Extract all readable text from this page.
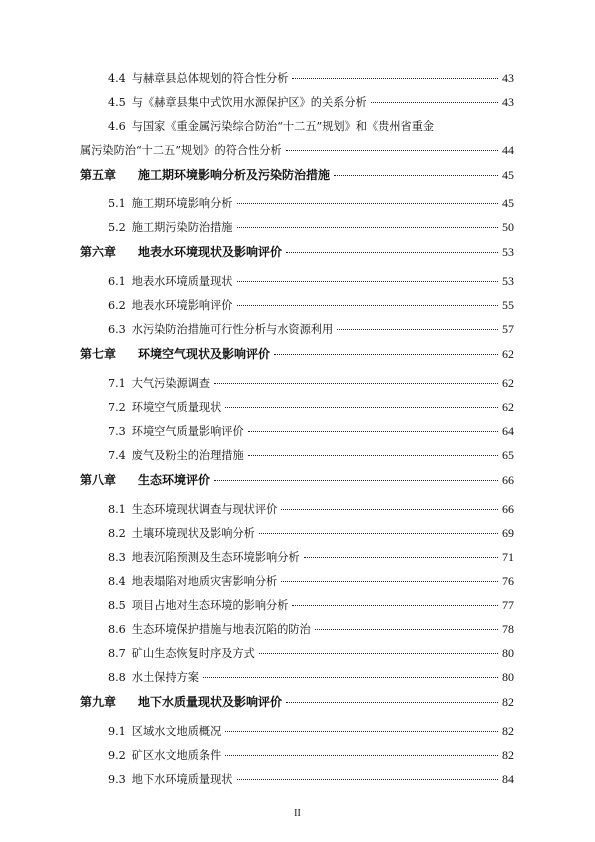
4.4 与赫章县总体规划的符合性分析	43
4.5 与《赫章县集中式饮用水源保护区》的关系分析	43
4.6 与国家《重金属污染综合防治“十二五”规划》和《贵州省重金
属污染防治“十二五”规划》的符合性分析	44
第五章 施工期环境影响分析及污染防治措施	45
5.1 施工期环境影响分析	45
5.2 施工期污染防治措施	50
第六章 地表水环境现状及影响评价	53
6.1 地表水环境质量现状	53
6.2 地表水环境影响评价	55
6.3 水污染防治措施可行性分析与水资源利用	57
第七章 环境空气现状及影响评价	62
7.1 大气污染源调查	62
7.2 环境空气质量现状	62
7.3 环境空气质量影响评价	64
7.4 废气及粉尘的治理措施	65
第八章 生态环境评价	66
8.1 生态环境现状调查与现状评价	66
8.2 土壤环境现状及影响分析	69
8.3 地表沉陷预测及生态环境影响分析	71
8.4 地表塌陷对地质灾害影响分析	76
8.5 项目占地对生态环境的影响分析	77
8.6 生态环境保护措施与地表沉陷的防治	78
8.7 矿山生态恢复时序及方式	80
8.8 水土保持方案	80
第九章 地下水质量现状及影响评价	82
9.1 区域水文地质概况	82
9.2 矿区水文地质条件	82
9.3 地下水环境质量现状	84
II
